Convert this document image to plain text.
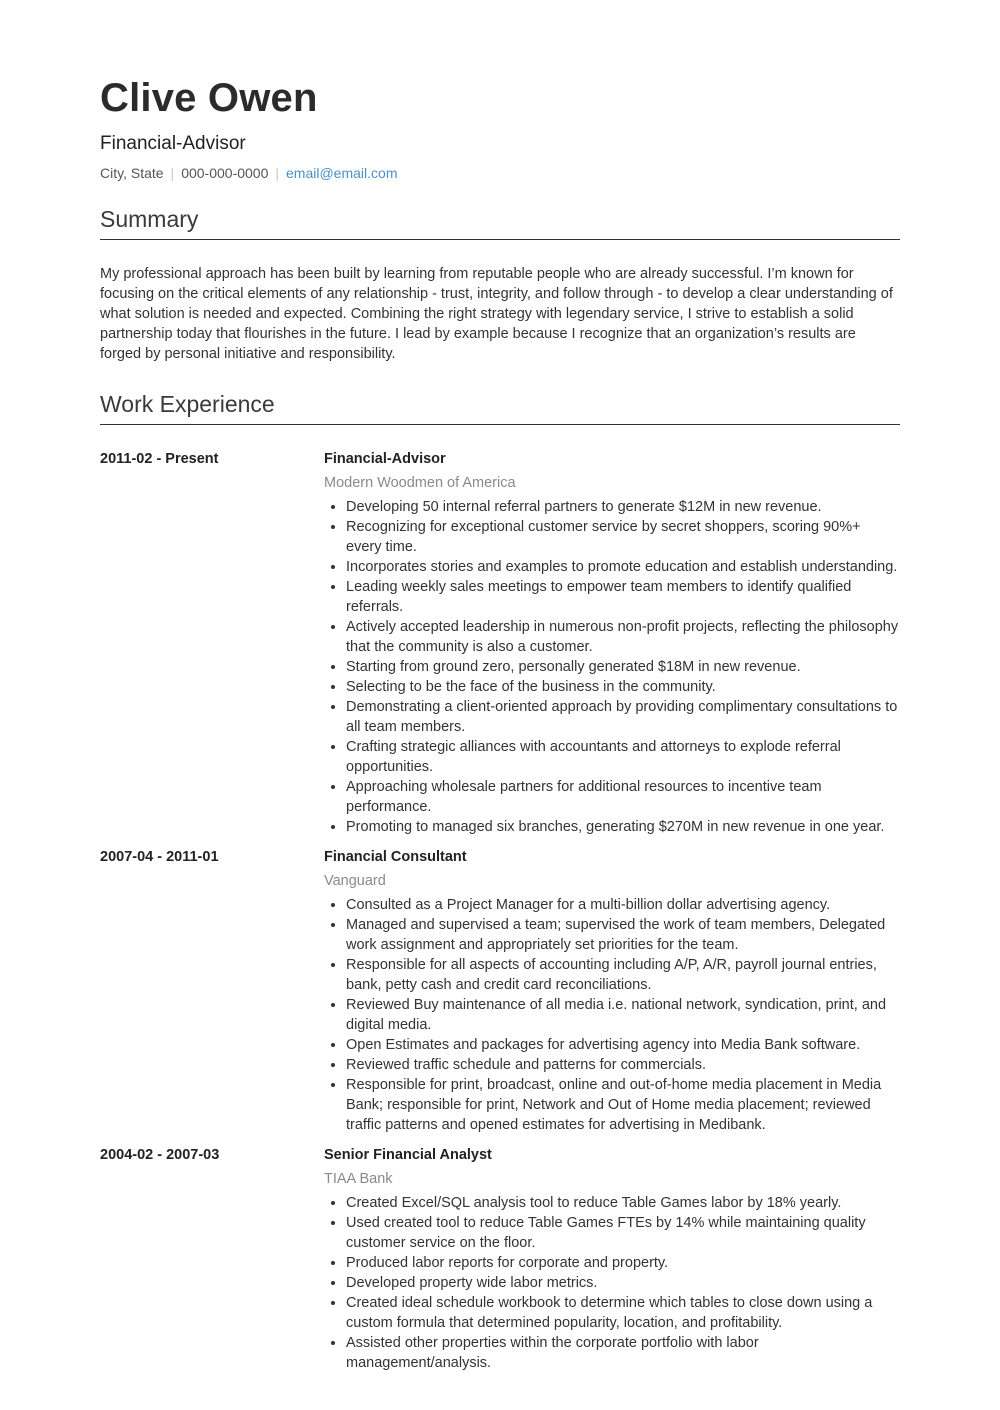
Clive Owen
Financial-Advisor
City, State | 000-000-0000 | email@email.com
Summary

My professional approach has been built by learning from reputable people who are already successful. I’m known for focusing on the critical elements of any relationship - trust, integrity, and follow through - to develop a clear understanding of what solution is needed and expected. Combining the right strategy with legendary service, I strive to establish a solid partnership today that flourishes in the future. I lead by example because I recognize that an organization’s results are forged by personal initiative and responsibility.

Work Experience
2011-02 - Present	Financial-Advisor
Modern Woodmen of America
• Developing 50 internal referral partners to generate $12M in new revenue.
• Recognizing for exceptional customer service by secret shoppers, scoring 90%+ every time.
• Incorporates stories and examples to promote education and establish understanding.
• Leading weekly sales meetings to empower team members to identify qualified referrals.
• Actively accepted leadership in numerous non-profit projects, reflecting the philosophy that the community is also a customer.
• Starting from ground zero, personally generated $18M in new revenue.
• Selecting to be the face of the business in the community.
• Demonstrating a client-oriented approach by providing complimentary consultations to all team members.
• Crafting strategic alliances with accountants and attorneys to explode referral opportunities.
• Approaching wholesale partners for additional resources to incentive team performance.
• Promoting to managed six branches, generating $270M in new revenue in one year.
2007-04 - 2011-01	Financial Consultant
Vanguard
• Consulted as a Project Manager for a multi-billion dollar advertising agency.
• Managed and supervised a team; supervised the work of team members, Delegated work assignment and appropriately set priorities for the team.
• Responsible for all aspects of accounting including A/P, A/R, payroll journal entries, bank, petty cash and credit card reconciliations.
• Reviewed Buy maintenance of all media i.e. national network, syndication, print, and digital media.
• Open Estimates and packages for advertising agency into Media Bank software.
• Reviewed traffic schedule and patterns for commercials.
• Responsible for print, broadcast, online and out-of-home media placement in Media Bank; responsible for print, Network and Out of Home media placement; reviewed traffic patterns and opened estimates for advertising in Medibank.
2004-02 - 2007-03	Senior Financial Analyst
TIAA Bank
• Created Excel/SQL analysis tool to reduce Table Games labor by 18% yearly.
• Used created tool to reduce Table Games FTEs by 14% while maintaining quality customer service on the floor.
• Produced labor reports for corporate and property.
• Developed property wide labor metrics.
• Created ideal schedule workbook to determine which tables to close down using a custom formula that determined popularity, location, and profitability.
• Assisted other properties within the corporate portfolio with labor management/analysis.
